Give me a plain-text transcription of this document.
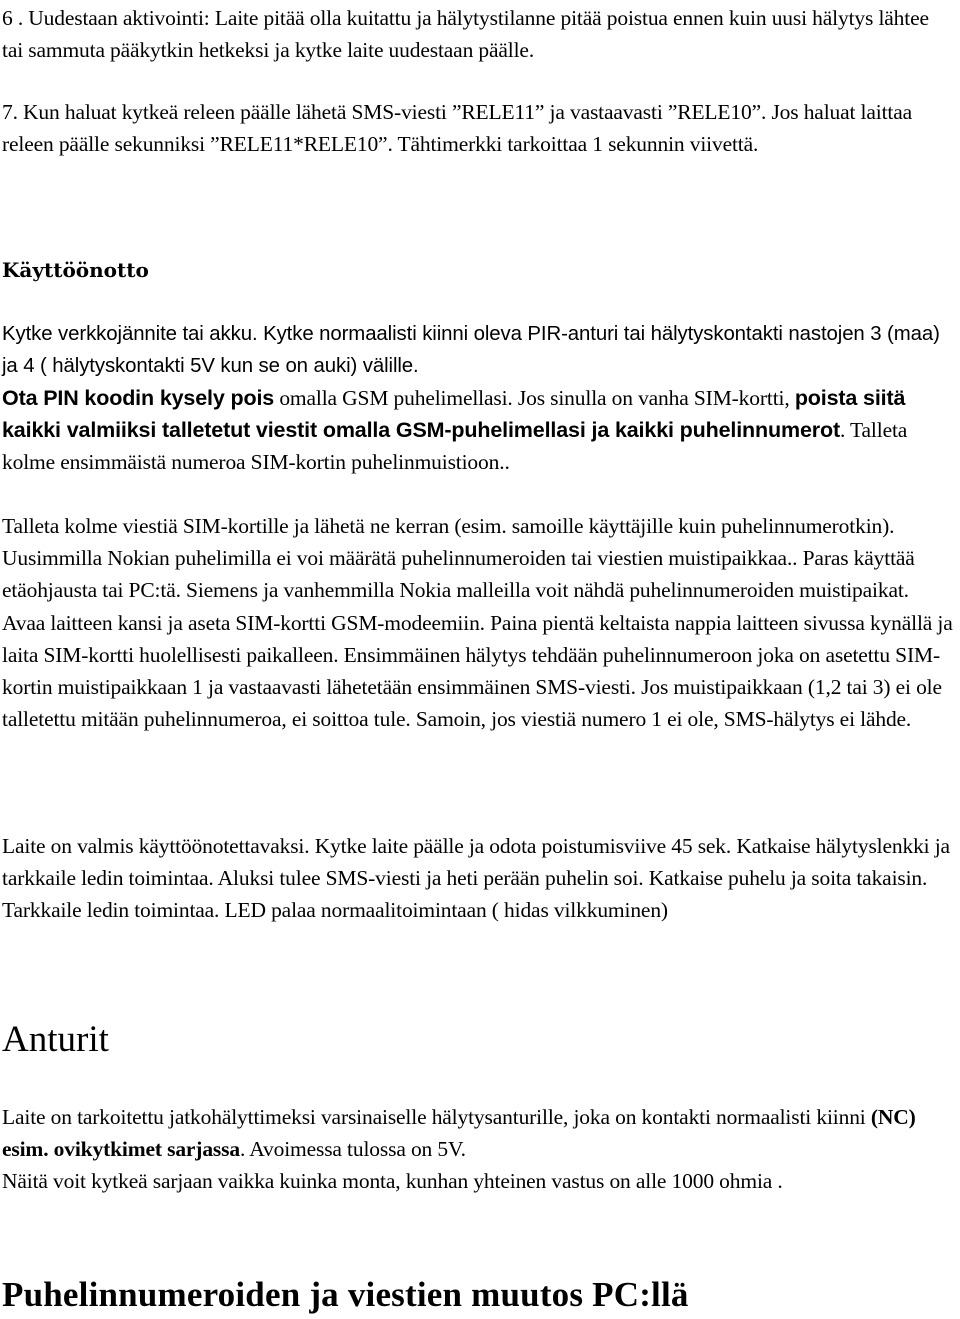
6 . Uudestaan aktivointi: Laite pitää olla kuitattu ja hälytystilanne pitää poistua ennen kuin uusi hälytys lähtee tai sammuta pääkytkin hetkeksi ja kytke laite uudestaan päälle.

7. Kun haluat kytkeä releen päälle lähetä SMS-viesti ”RELE11” ja vastaavasti ”RELE10”. Jos haluat laittaa releen päälle sekunniksi ”RELE11*RELE10”. Tähtimerkki tarkoittaa 1 sekunnin viivettä.

Käyttöönotto

Kytke verkkojännite tai akku. Kytke normaalisti kiinni oleva PIR-anturi tai hälytyskontakti nastojen 3 (maa) ja 4 ( hälytyskontakti 5V kun se on auki) välille.

Ota PIN koodin kysely pois omalla GSM puhelimellasi. Jos sinulla on vanha SIM-kortti, poista siitä kaikki valmiiksi talletetut viestit omalla GSM-puhelimellasi ja kaikki puhelinnumerot. Talleta kolme ensimmäistä numeroa SIM-kortin puhelinmuistioon..

Talleta kolme viestiä SIM-kortille ja lähetä ne kerran (esim. samoille käyttäjille kuin puhelinnumerotkin). Uusimmilla Nokian puhelimilla ei voi määrätä puhelinnumeroiden tai viestien muistipaikkaa.. Paras käyttää etäohjausta tai PC:tä. Siemens ja vanhemmilla Nokia malleilla voit nähdä puhelinnumeroiden muistipaikat. Avaa laitteen kansi ja aseta SIM-kortti GSM-modeemiin. Paina pientä keltaista nappia laitteen sivussa kynällä ja laita SIM-kortti huolellisesti paikalleen. Ensimmäinen hälytys tehdään puhelinnumeroon joka on asetettu SIM-kortin muistipaikkaan 1 ja vastaavasti lähetetään ensimmäinen SMS-viesti. Jos muistipaikkaan (1,2 tai 3) ei ole talletettu mitään puhelinnumeroa, ei soittoa tule. Samoin, jos viestiä numero 1 ei ole, SMS-hälytys ei lähde.

Laite on valmis käyttöönotettavaksi. Kytke laite päälle ja odota poistumisviive 45 sek. Katkaise hälytyslenkki ja tarkkaile ledin toimintaa. Aluksi tulee SMS-viesti ja heti perään puhelin soi. Katkaise puhelu ja soita takaisin. Tarkkaile ledin toimintaa. LED palaa normaalitoimintaan ( hidas vilkkuminen)

Anturit

Laite on tarkoitettu jatkohälyttimeksi varsinaiselle hälytysanturille, joka on kontakti normaalisti kiinni (NC) esim. ovikytkimet sarjassa. Avoimessa tulossa on 5V.

Näitä voit kytkeä sarjaan vaikka kuinka monta, kunhan yhteinen vastus on alle 1000 ohmia .

Puhelinnumeroiden ja viestien muutos PC:llä
